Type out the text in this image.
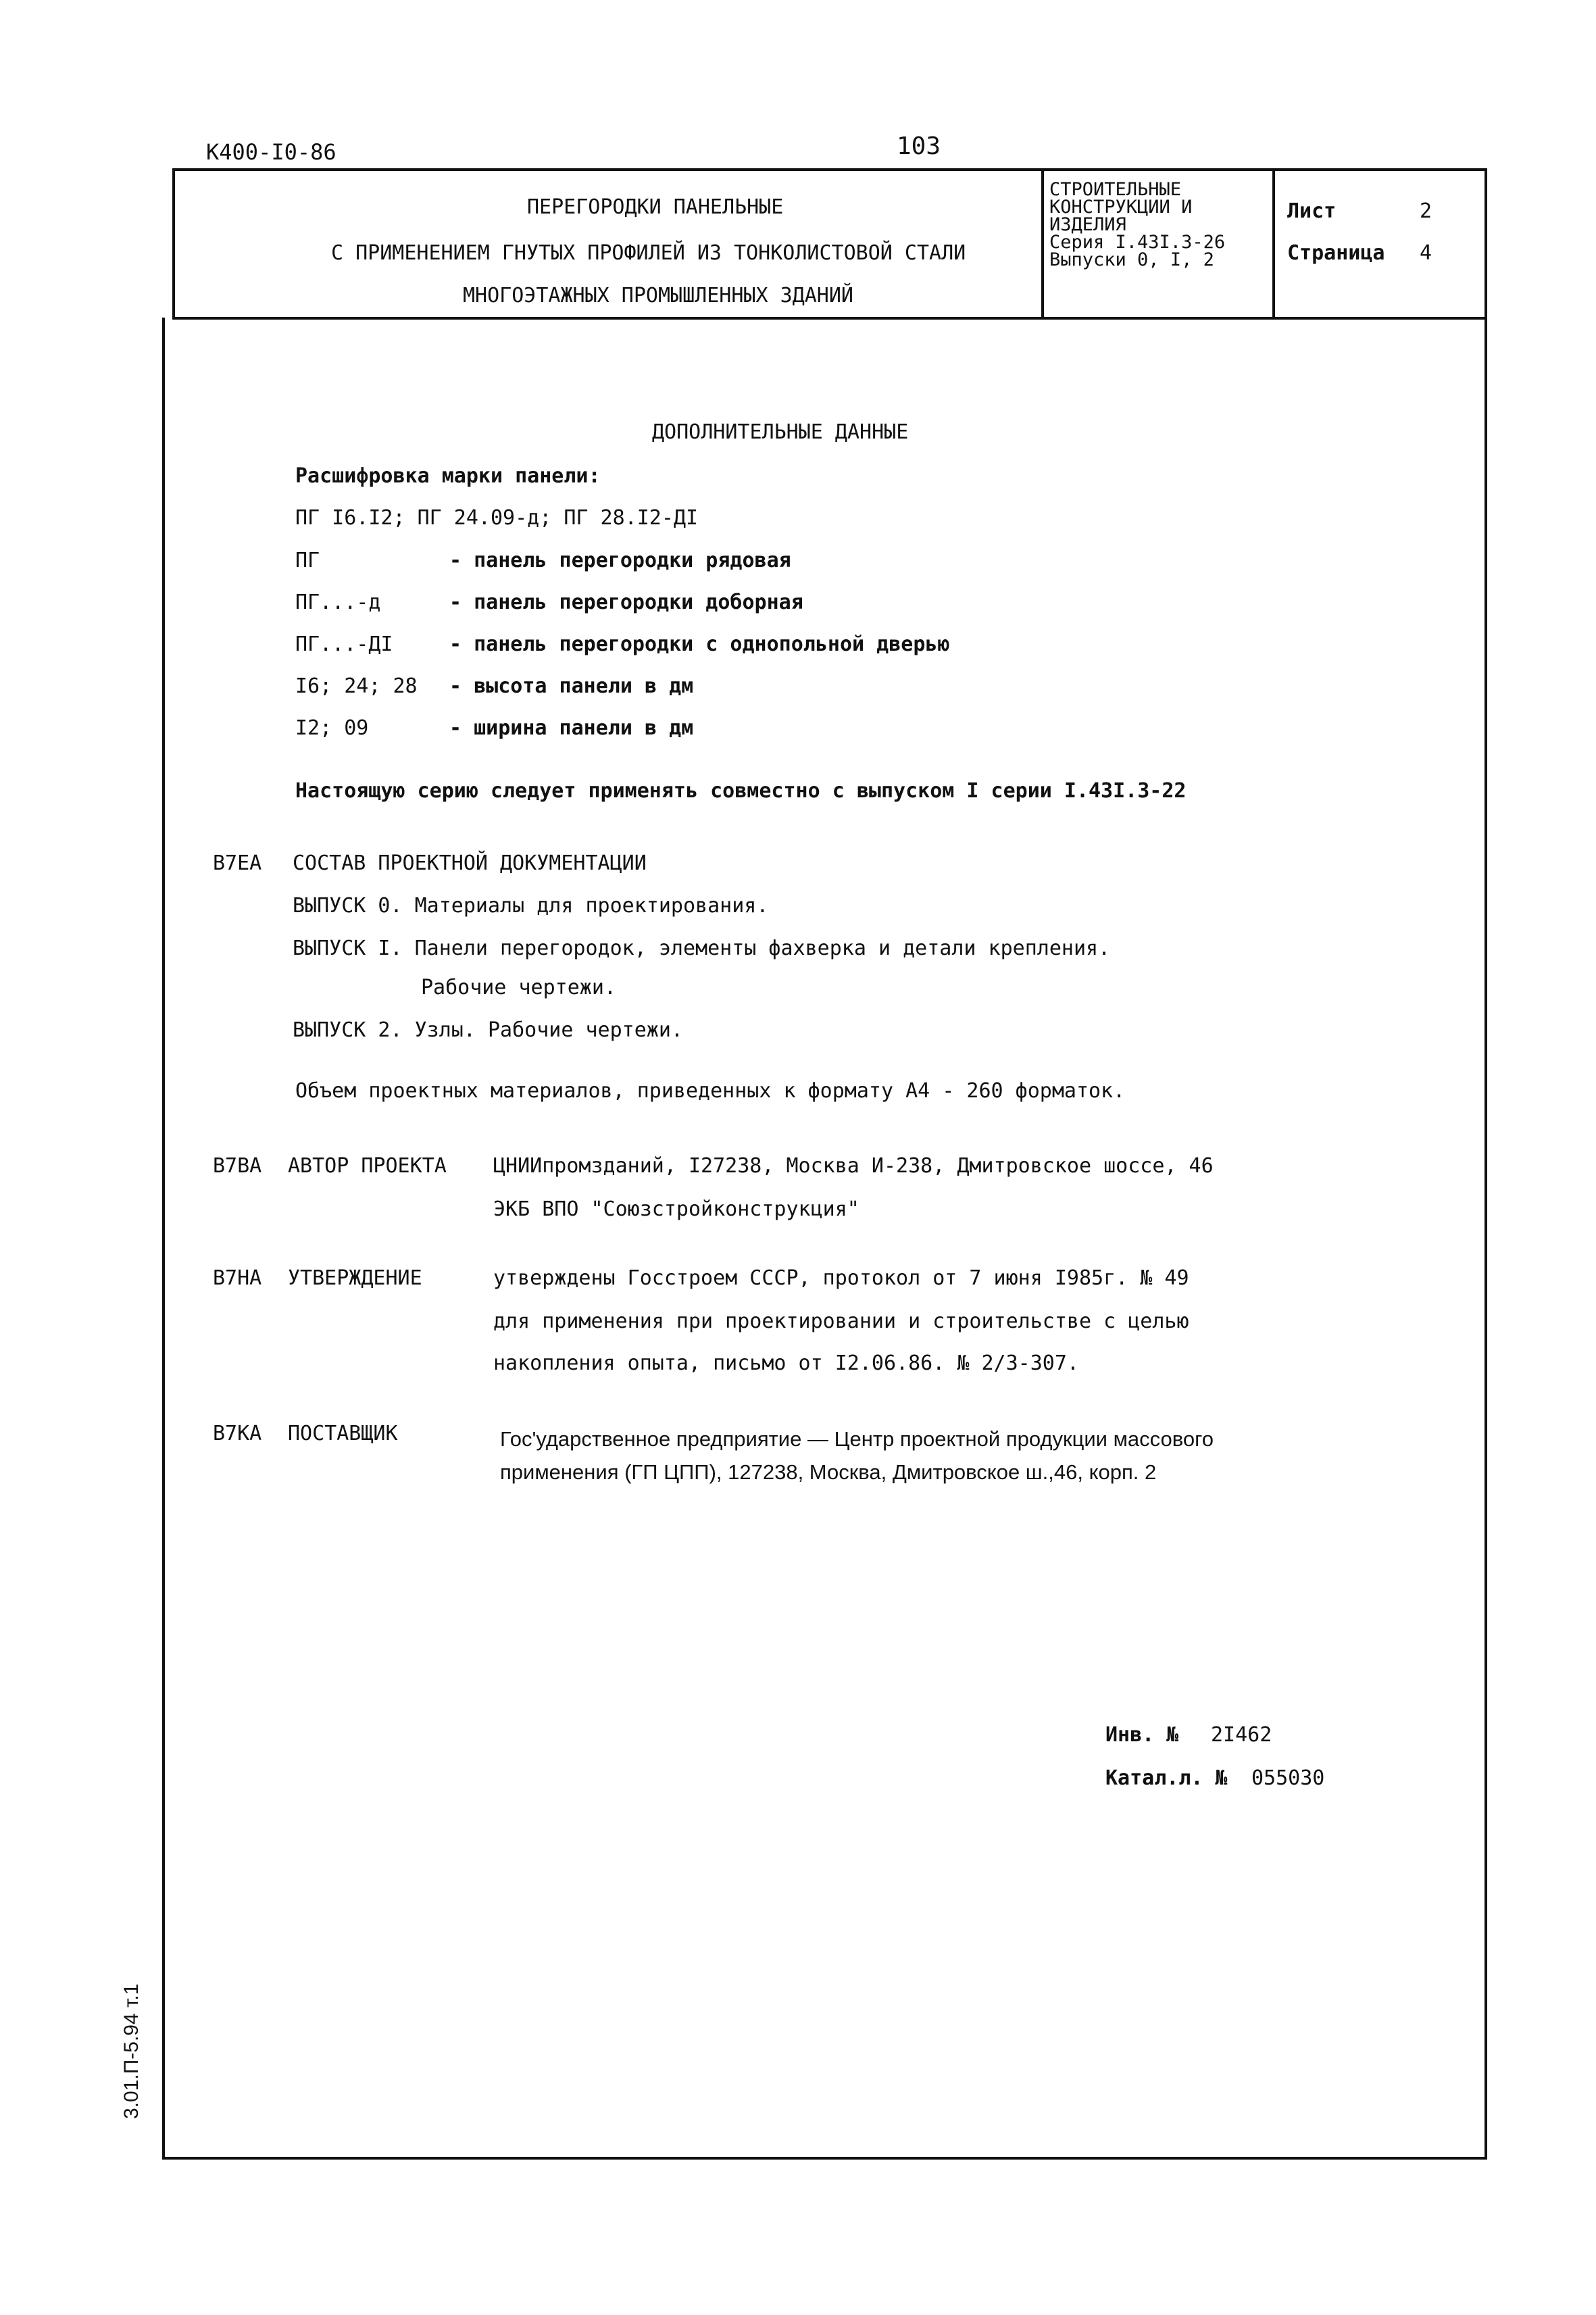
К400-I0-86	103
ПЕРЕГОРОДКИ ПАНЕЛЬНЫЕ
С ПРИМЕНЕНИЕМ ГНУТЫХ ПРОФИЛЕЙ ИЗ ТОНКОЛИСТОВОЙ СТАЛИ
МНОГОЭТАЖНЫХ ПРОМЫШЛЕННЫХ ЗДАНИЙ
СТРОИТЕЛЬНЫЕ
КОНСТРУКЦИИ И
ИЗДЕЛИЯ
Серия I.43I.3-26
Выпуски 0, I, 2
Лист	2
Страница 4
ДОПОЛНИТЕЛЬНЫЕ ДАННЫЕ
Расшифровка марки панели:
ПГ I6.I2; ПГ 24.09-д; ПГ 28.I2-ДI
ПГ	- панель перегородки рядовая
ПГ...-д	- панель перегородки доборная
ПГ...-ДI	- панель перегородки с однопольной дверью
I6; 24; 28 - высота панели в дм
I2; 09	- ширина панели в дм
Настоящую серию следует применять совместно с выпуском I серии I.43I.3-22
В7ЕА СОСТАВ ПРОЕКТНОЙ ДОКУМЕНТАЦИИ
ВЫПУСК 0. Материалы для проектирования.
ВЫПУСК I. Панели перегородок, элементы фахверка и детали крепления.
Рабочие чертежи.
ВЫПУСК 2. Узлы. Рабочие чертежи.
Объем проектных материалов, приведенных к формату А4 - 260 форматок.
В7ВА АВТОР ПРОЕКТА ЦНИИпромзданий, I27238, Москва И-238, Дмитровское шоссе, 46
ЭКБ ВПО "Союзстройконструкция"
В7НА УТВЕРЖДЕНИЕ	утверждены Госстроем СССР, протокол от 7 июня I985г. № 49
для применения при проектировании и строительстве с целью
накопления опыта, письмо от I2.06.86. № 2/3-307.
В7КА ПОСТАВЩИК	Гос'ударственное предприятие — Центр проектной продукции массового
применения (ГП ЦПП), 127238, Москва, Дмитровское ш.,46, корп. 2
Инв. № 2I462
Катал.л. № 055030
3.01.П-5.94 т.1
